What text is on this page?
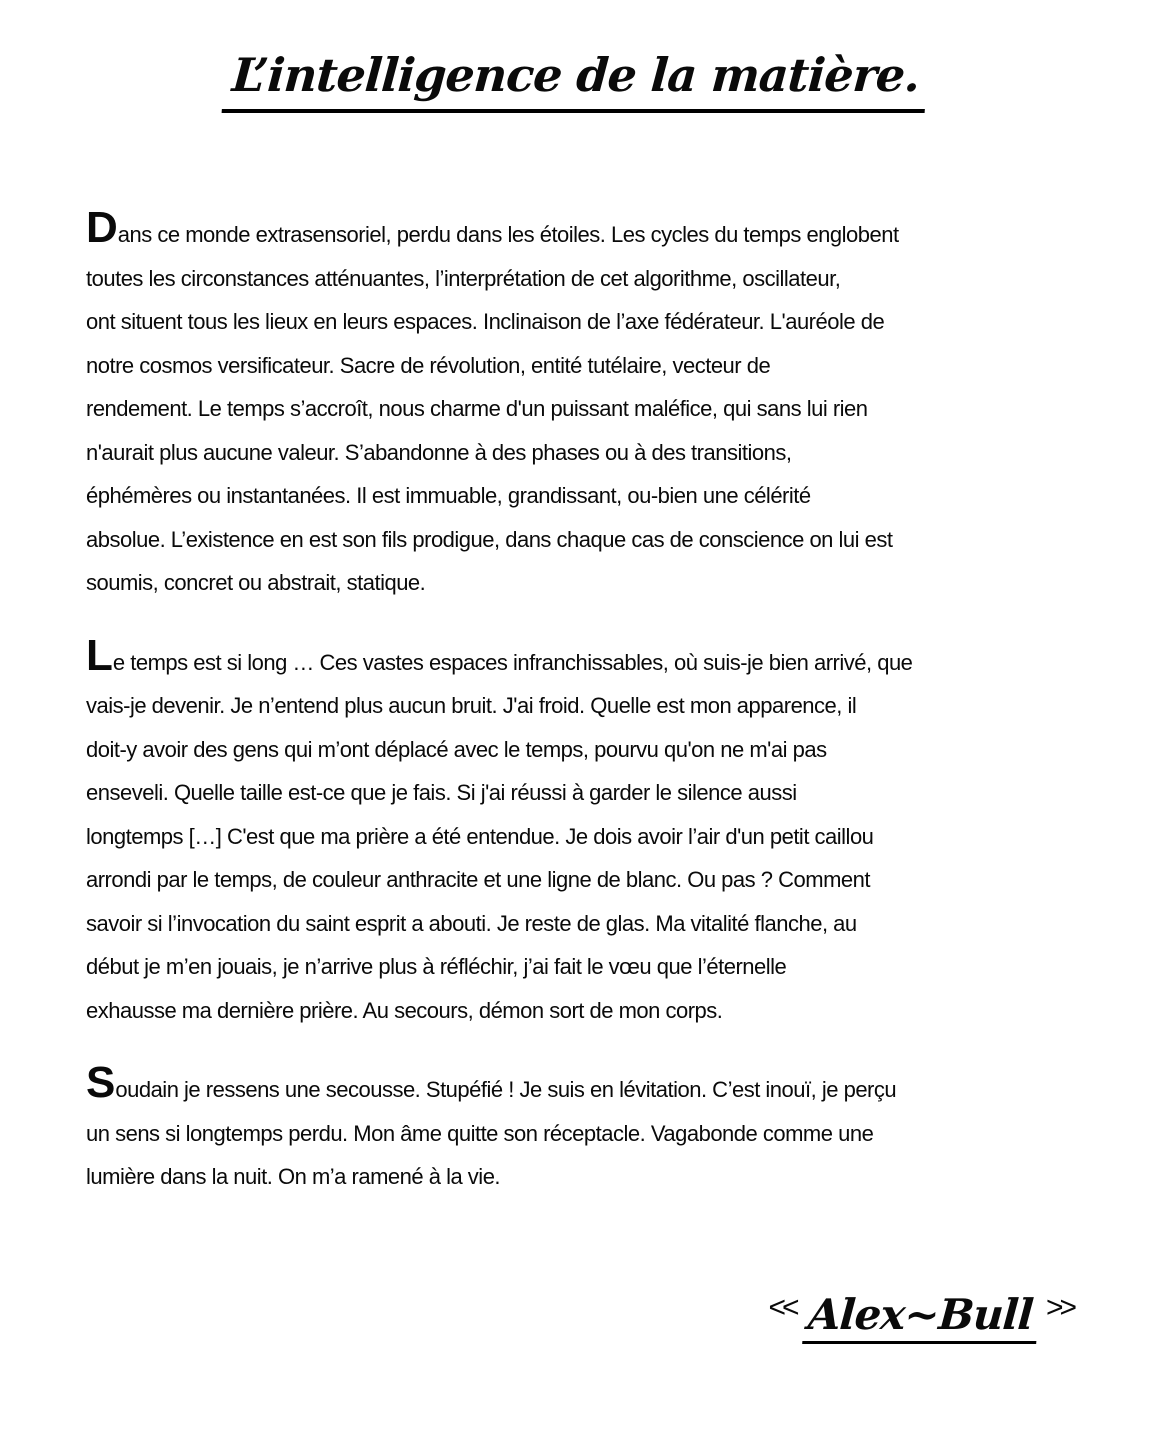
L’intelligence de la matière.
Dans ce monde extrasensoriel, perdu dans les étoiles. Les cycles du temps englobent
toutes les circonstances atténuantes, l’interprétation de cet algorithme, oscillateur,
ont situent tous les lieux en leurs espaces. Inclinaison de l’axe fédérateur. L'auréole de
notre cosmos versificateur. Sacre de révolution, entité tutélaire, vecteur de
rendement. Le temps s’accroît, nous charme d'un puissant maléfice, qui sans lui rien
n'aurait plus aucune valeur. S’abandonne à des phases ou à des transitions,
éphémères ou instantanées. Il est immuable, grandissant, ou-bien une célérité
absolue. L’existence en est son fils prodigue, dans chaque cas de conscience on lui est
soumis, concret ou abstrait, statique.
Le temps est si long … Ces vastes espaces infranchissables, où suis-je bien arrivé, que
vais-je devenir. Je n’entend plus aucun bruit. J'ai froid. Quelle est mon apparence, il
doit-y avoir des gens qui m’ont déplacé avec le temps, pourvu qu'on ne m'ai pas
enseveli. Quelle taille est-ce que je fais. Si j'ai réussi à garder le silence aussi
longtemps […] C'est que ma prière a été entendue. Je dois avoir l’air d'un petit caillou
arrondi par le temps, de couleur anthracite et une ligne de blanc. Ou pas ? Comment
savoir si l’invocation du saint esprit a abouti. Je reste de glas. Ma vitalité flanche, au
début je m’en jouais, je n’arrive plus à réfléchir, j’ai fait le vœu que l’éternelle
exhausse ma dernière prière. Au secours, démon sort de mon corps.
Soudain je ressens une secousse. Stupéfié ! Je suis en lévitation. C’est inouï, je perçu
un sens si longtemps perdu. Mon âme quitte son réceptacle. Vagabonde comme une
lumière dans la nuit. On m’a ramené à la vie.
<< Alex~Bull >>
